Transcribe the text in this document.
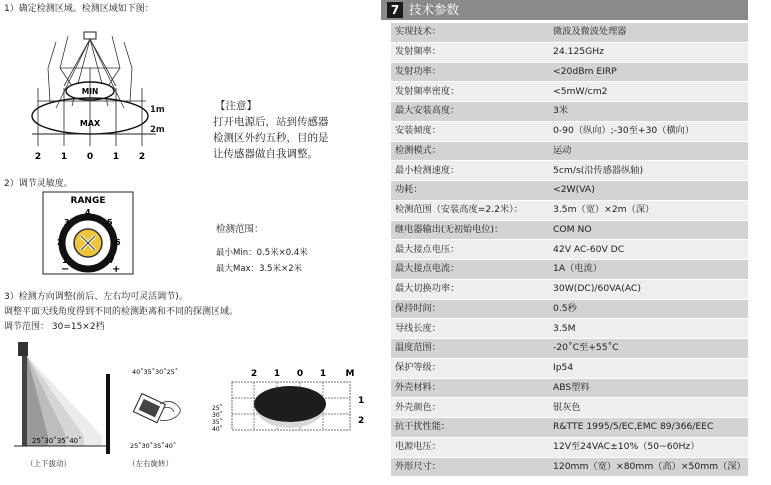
1）确定检测区域。检测区域如下图：
MIN
MAX
2 1 0 1 2
1m
2m
【注意】
打开电源后，站到传感器
检测区外约五秒，目的是
让传感器做自我调整。
2）调节灵敏度。
RANGE
1
2
3
4
5
6
7
−	+
检测范围：
最小Min：0.5米×0.4米
最大Max：3.5米×2米
3）检测方向调整(前后、左右均可灵活调节)。
调整平面天线角度得到不同的检测距离和不同的探测区域。
调节范围： 30=15×2档
25˚30˚35˚40˚
（上下拔动）
40˚35˚30˚25˚
25˚30˚35˚40˚
（左右旋转）
2 1 0 1 M
1
2
25˚
30˚
35˚
40˚
7 技术参数
实现技术：	微波及微波处理器
发射频率：	24.125GHz
发射功率：	<20dBm EIRP
发射频率密度：	<5mW/cm2
最大安装高度：	3米
安装倾度：	0-90（纵向）;-30至+30（横向）
检测模式：	运动
最小检测速度：	5cm/s(沿传感器纵轴)
功耗：	<2W(VA)
检测范围（安装高度=2.2米）：	3.5m（宽）×2m（深）
继电器输出(无初始电位)：	COM NO
最大接点电压：	42V AC-60V DC
最大接点电流：	1A（电流）
最大切换功率：	30W(DC)/60VA(AC)
保持时间：	0.5秒
导线长度：	3.5M
温度范围：	-20˚C至+55˚C
保护等级：	Ip54
外壳材料：	ABS塑料
外壳颜色：	银灰色
抗干扰性能：	R&TTE 1995/5/EC,EMC 89/366/EEC
电源电压：	12V至24VAC±10%（50~60Hz）
外形尺寸：	120mm（宽）×80mm（高）×50mm（深）
